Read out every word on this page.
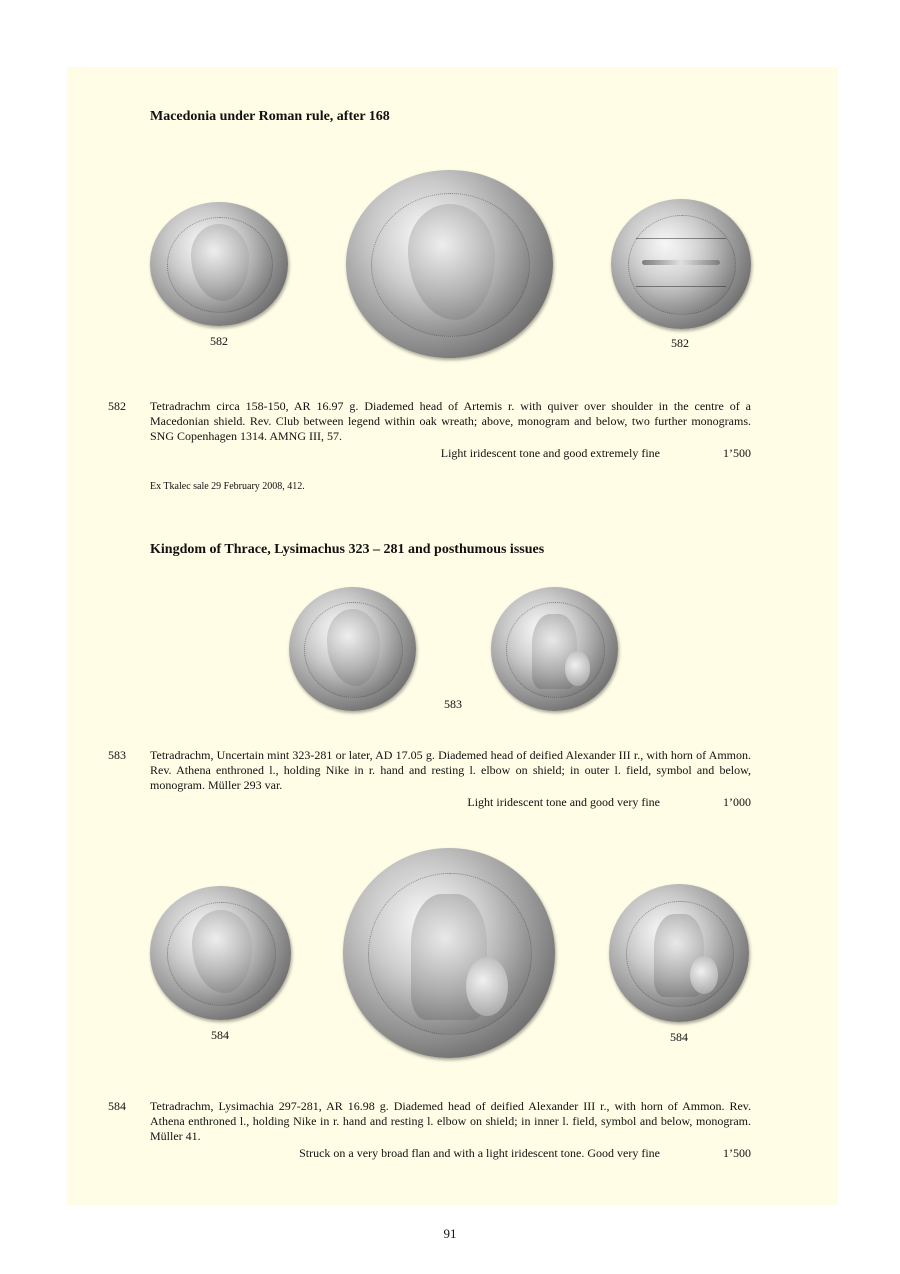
Macedonia under Roman rule, after 168
582	582
582 Tetradrachm circa 158-150, AR 16.97 g. Diademed head of Artemis r. with quiver over shoulder in the centre of a Macedonian shield. Rev. Club between legend within oak wreath; above, monogram and below, two further monograms. SNG Copenhagen 1314. AMNG III, 57.
Light iridescent tone and good extremely fine	1’500
Ex Tkalec sale 29 February 2008, 412.
Kingdom of Thrace, Lysimachus 323 – 281 and posthumous issues
583
583 Tetradrachm, Uncertain mint 323-281 or later, AD 17.05 g. Diademed head of deified Alexander III r., with horn of Ammon. Rev. Athena enthroned l., holding Nike in r. hand and resting l. elbow on shield; in outer l. field, symbol and below, monogram. Müller 293 var.
Light iridescent tone and good very fine	1’000
584	584
584 Tetradrachm, Lysimachia 297-281, AR 16.98 g. Diademed head of deified Alexander III r., with horn of Ammon. Rev. Athena enthroned l., holding Nike in r. hand and resting l. elbow on shield; in inner l. field, symbol and below, monogram. Müller 41.
Struck on a very broad flan and with a light iridescent tone. Good very fine	1’500
91
